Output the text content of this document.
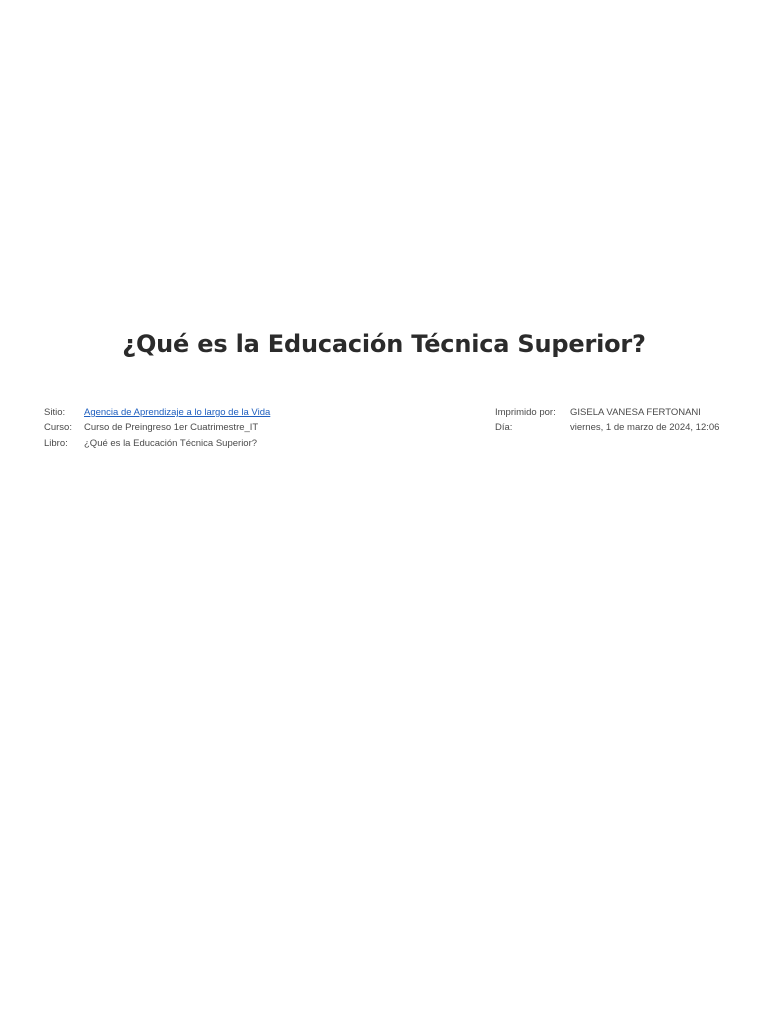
¿Qué es la Educación Técnica Superior?
Sitio:	Agencia de Aprendizaje a lo largo de la Vida
Curso:	Curso de Preingreso 1er Cuatrimestre_IT
Libro:	¿Qué es la Educación Técnica Superior?
Imprimido por:	GISELA VANESA FERTONANI
Día:	viernes, 1 de marzo de 2024, 12:06
